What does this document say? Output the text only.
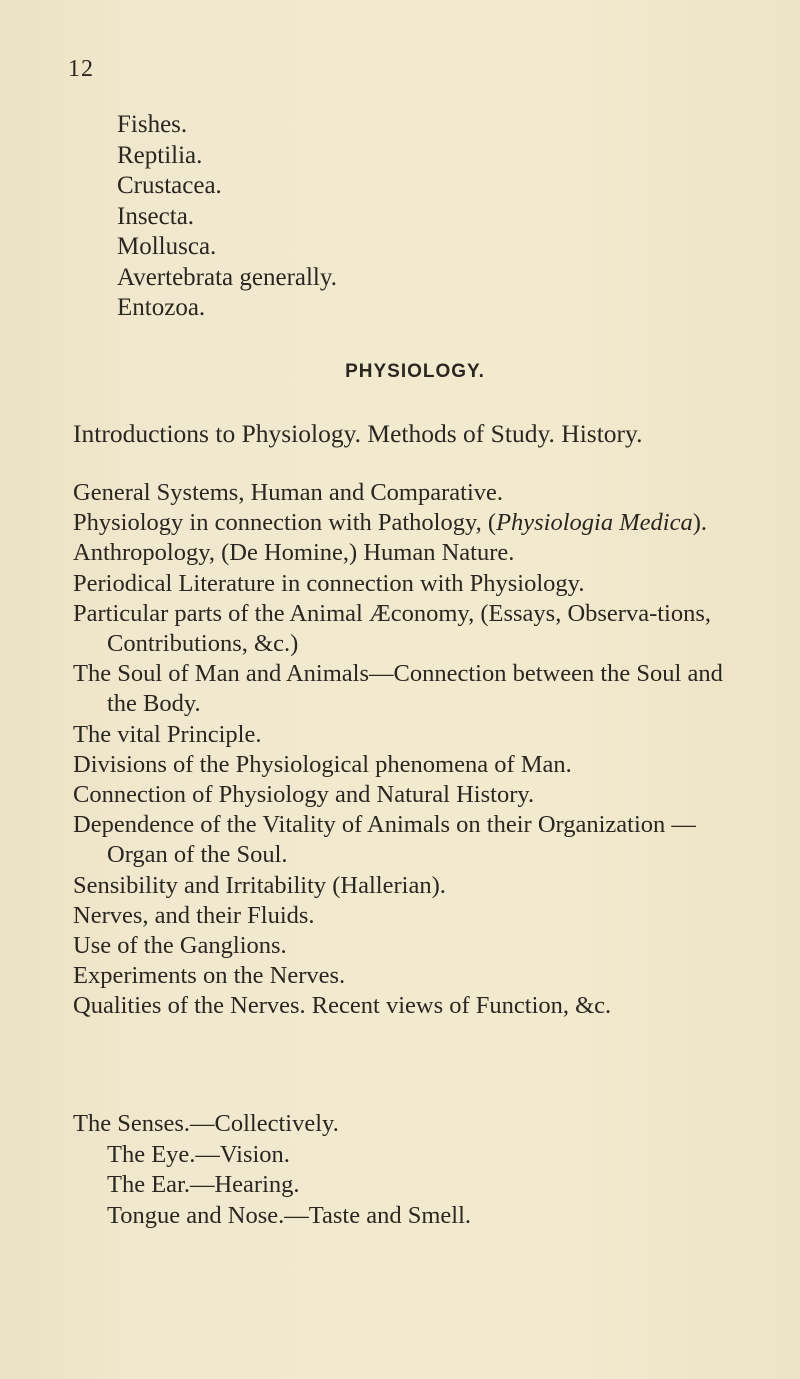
12
Fishes.
Reptilia.
Crustacea.
Insecta.
Mollusca.
Avertebrata generally.
Entozoa.
PHYSIOLOGY.
Introductions to Physiology. Methods of Study. History.
General Systems, Human and Comparative.
Physiology in connection with Pathology, (Physiologia Medica).
Anthropology, (De Homine,) Human Nature.
Periodical Literature in connection with Physiology.
Particular parts of the Animal Æconomy, (Essays, Observa-tions, Contributions, &c.)
The Soul of Man and Animals—Connection between the Soul and the Body.
The vital Principle.
Divisions of the Physiological phenomena of Man.
Connection of Physiology and Natural History.
Dependence of the Vitality of Animals on their Organization —Organ of the Soul.
Sensibility and Irritability (Hallerian).
Nerves, and their Fluids.
Use of the Ganglions.
Experiments on the Nerves.
Qualities of the Nerves. Recent views of Function, &c.
The Senses.—Collectively.
The Eye.—Vision.
The Ear.—Hearing.
Tongue and Nose.—Taste and Smell.
